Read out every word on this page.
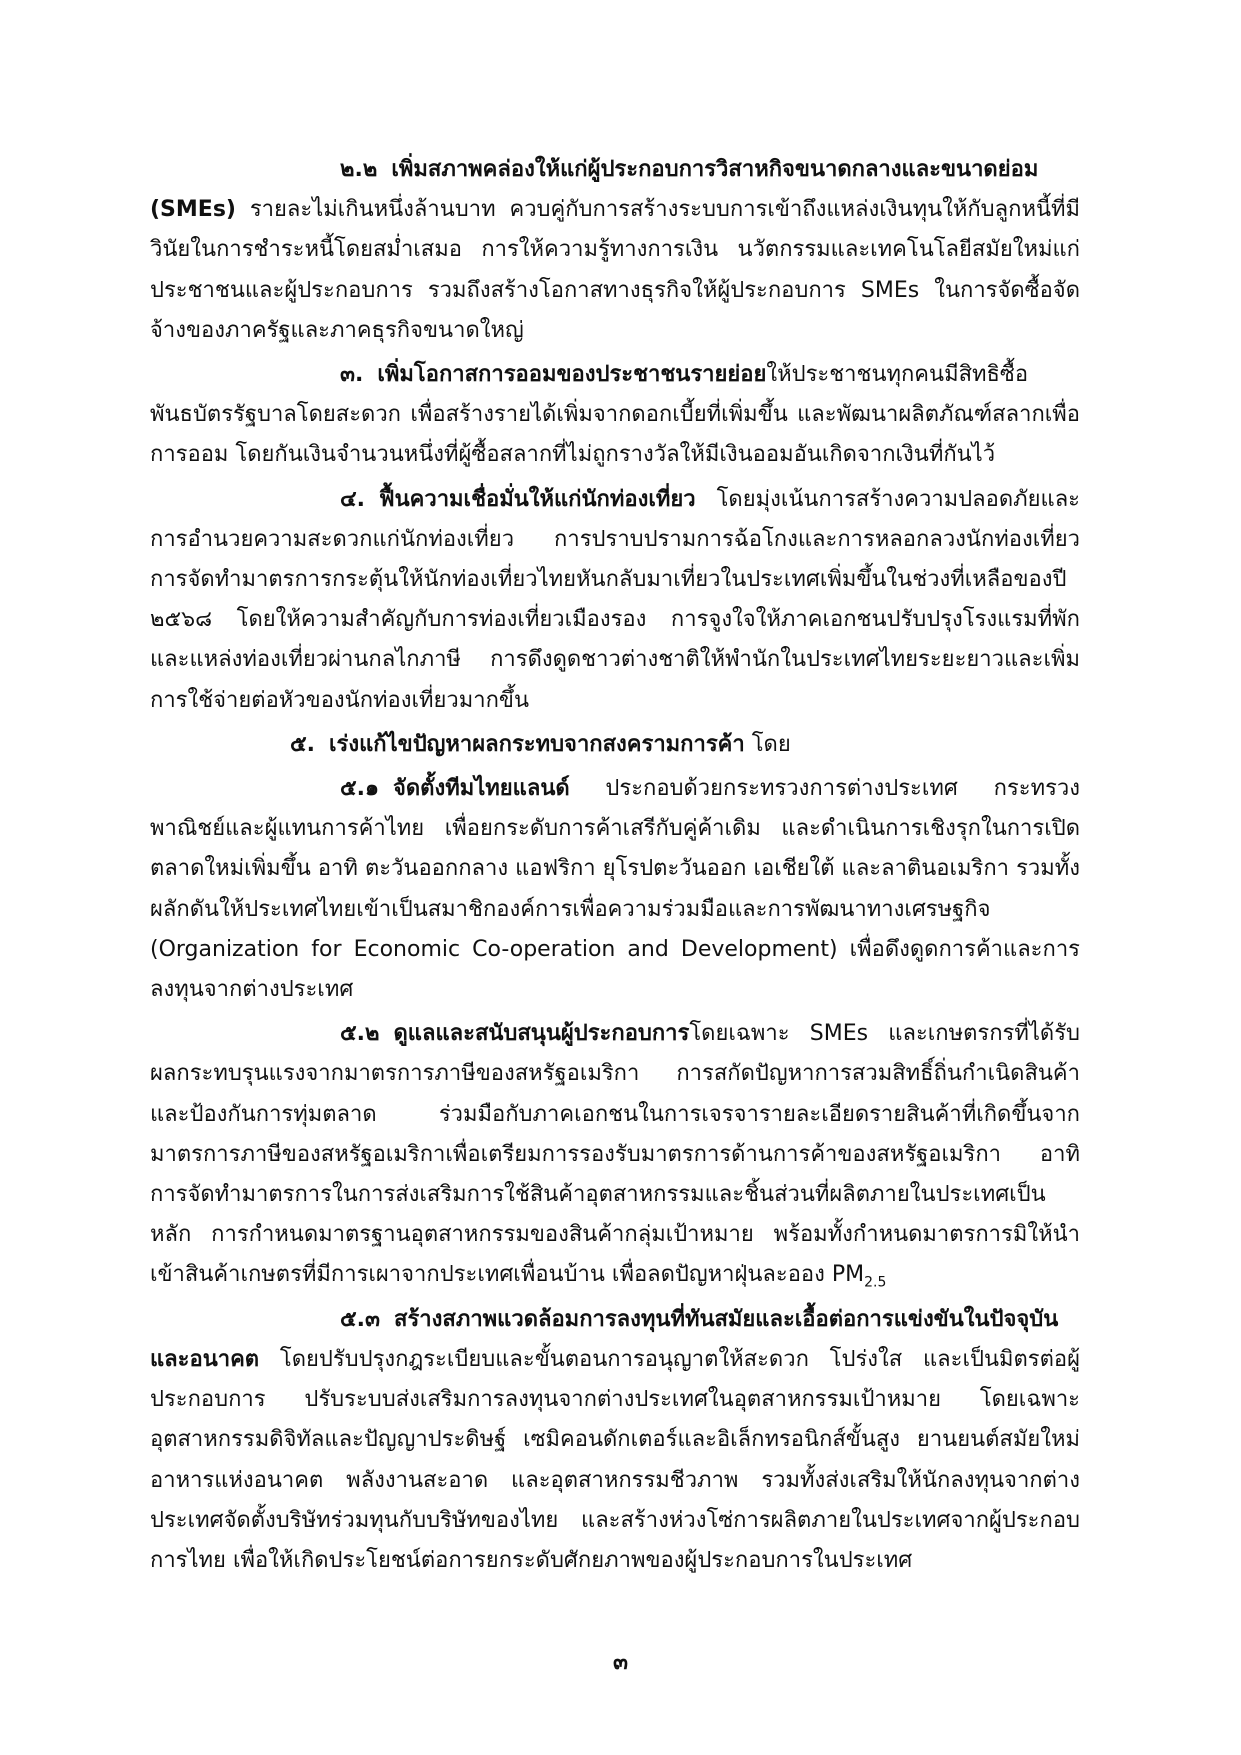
๒.๒ เพิ่มสภาพคล่องให้แก่ผู้ประกอบการวิสาหกิจขนาดกลางและขนาดย่อม (SMEs) รายละไม่เกินหนึ่งล้านบาท ควบคู่กับการสร้างระบบการเข้าถึงแหล่งเงินทุนให้กับลูกหนี้ที่มีวินัยในการชำระหนี้โดยสม่ำเสมอ การให้ความรู้ทางการเงิน นวัตกรรมและเทคโนโลยีสมัยใหม่แก่ประชาชนและผู้ประกอบการ รวมถึงสร้างโอกาสทางธุรกิจให้ผู้ประกอบการ SMEs ในการจัดซื้อจัดจ้างของภาครัฐและภาคธุรกิจขนาดใหญ่

๓. เพิ่มโอกาสการออมของประชาชนรายย่อยให้ประชาชนทุกคนมีสิทธิซื้อพันธบัตรรัฐบาลโดยสะดวก เพื่อสร้างรายได้เพิ่มจากดอกเบี้ยที่เพิ่มขึ้น และพัฒนาผลิตภัณฑ์สลากเพื่อการออม โดยกันเงินจำนวนหนึ่งที่ผู้ซื้อสลากที่ไม่ถูกรางวัลให้มีเงินออมอันเกิดจากเงินที่กันไว้

๔. ฟื้นความเชื่อมั่นให้แก่นักท่องเที่ยว โดยมุ่งเน้นการสร้างความปลอดภัยและการอำนวยความสะดวกแก่นักท่องเที่ยว การปราบปรามการฉ้อโกงและการหลอกลวงนักท่องเที่ยว การจัดทำมาตรการกระตุ้นให้นักท่องเที่ยวไทยหันกลับมาเที่ยวในประเทศเพิ่มขึ้นในช่วงที่เหลือของปี ๒๕๖๘ โดยให้ความสำคัญกับการท่องเที่ยวเมืองรอง การจูงใจให้ภาคเอกชนปรับปรุงโรงแรมที่พักและแหล่งท่องเที่ยวผ่านกลไกภาษี การดึงดูดชาวต่างชาติให้พำนักในประเทศไทยระยะยาวและเพิ่มการใช้จ่ายต่อหัวของนักท่องเที่ยวมากขึ้น

๕. เร่งแก้ไขปัญหาผลกระทบจากสงครามการค้า โดย

๕.๑ จัดตั้งทีมไทยแลนด์ ประกอบด้วยกระทรวงการต่างประเทศ กระทรวงพาณิชย์และผู้แทนการค้าไทย เพื่อยกระดับการค้าเสรีกับคู่ค้าเดิม และดำเนินการเชิงรุกในการเปิดตลาดใหม่เพิ่มขึ้น อาทิ ตะวันออกกลาง แอฟริกา ยุโรปตะวันออก เอเชียใต้ และลาตินอเมริกา รวมทั้งผลักดันให้ประเทศไทยเข้าเป็นสมาชิกองค์การเพื่อความร่วมมือและการพัฒนาทางเศรษฐกิจ (Organization for Economic Co-operation and Development) เพื่อดึงดูดการค้าและการลงทุนจากต่างประเทศ

๕.๒ ดูแลและสนับสนุนผู้ประกอบการโดยเฉพาะ SMEs และเกษตรกรที่ได้รับผลกระทบรุนแรงจากมาตรการภาษีของสหรัฐอเมริกา การสกัดปัญหาการสวมสิทธิ์ถิ่นกำเนิดสินค้า และป้องกันการทุ่มตลาด ร่วมมือกับภาคเอกชนในการเจรจารายละเอียดรายสินค้าที่เกิดขึ้นจากมาตรการภาษีของสหรัฐอเมริกาเพื่อเตรียมการรองรับมาตรการด้านการค้าของสหรัฐอเมริกา อาทิ การจัดทำมาตรการในการส่งเสริมการใช้สินค้าอุตสาหกรรมและชิ้นส่วนที่ผลิตภายในประเทศเป็นหลัก การกำหนดมาตรฐานอุตสาหกรรมของสินค้ากลุ่มเป้าหมาย พร้อมทั้งกำหนดมาตรการมิให้นำเข้าสินค้าเกษตรที่มีการเผาจากประเทศเพื่อนบ้าน เพื่อลดปัญหาฝุ่นละออง $PM_{2.5}$

๕.๓ สร้างสภาพแวดล้อมการลงทุนที่ทันสมัยและเอื้อต่อการแข่งขันในปัจจุบันและอนาคต โดยปรับปรุงกฎระเบียบและขั้นตอนการอนุญาตให้สะดวก โปร่งใส และเป็นมิตรต่อผู้ประกอบการ ปรับระบบส่งเสริมการลงทุนจากต่างประเทศในอุตสาหกรรมเป้าหมาย โดยเฉพาะอุตสาหกรรมดิจิทัลและปัญญาประดิษฐ์ เซมิคอนดักเตอร์และอิเล็กทรอนิกส์ขั้นสูง ยานยนต์สมัยใหม่อาหารแห่งอนาคต พลังงานสะอาด และอุตสาหกรรมชีวภาพ รวมทั้งส่งเสริมให้นักลงทุนจากต่างประเทศจัดตั้งบริษัทร่วมทุนกับบริษัทของไทย และสร้างห่วงโซ่การผลิตภายในประเทศจากผู้ประกอบการไทย เพื่อให้เกิดประโยชน์ต่อการยกระดับศักยภาพของผู้ประกอบการในประเทศ

๓
